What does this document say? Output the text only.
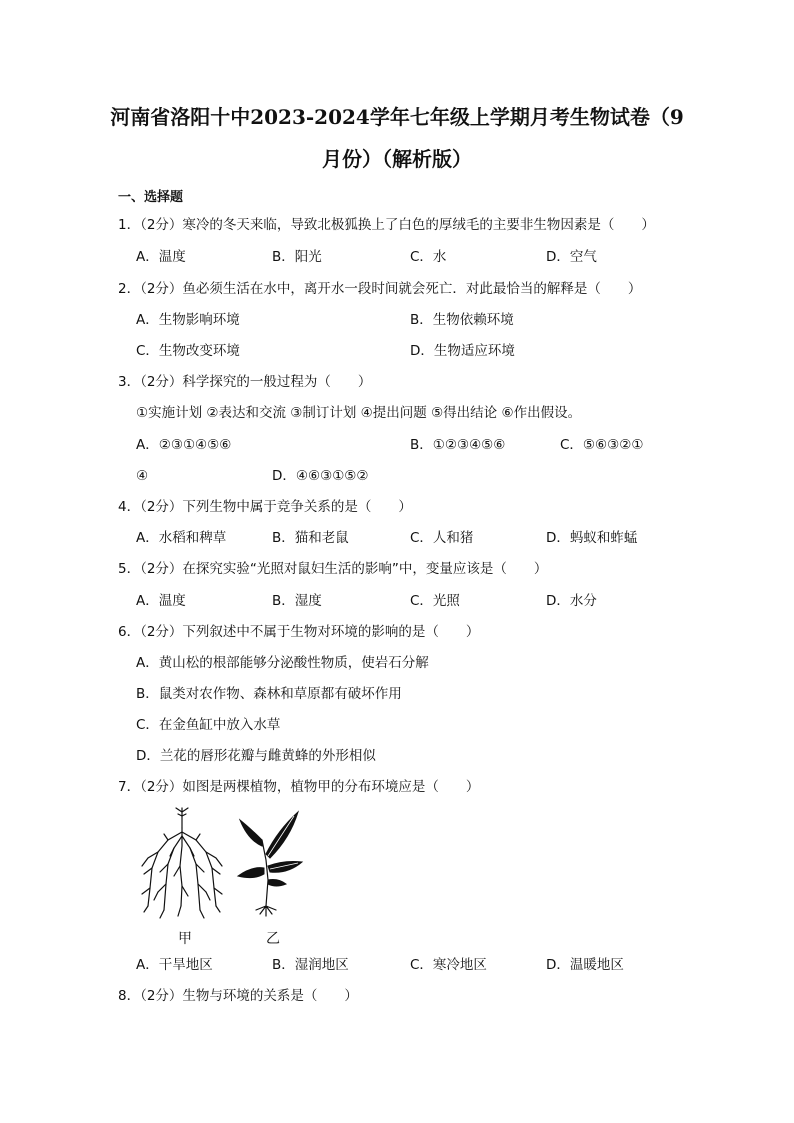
河南省洛阳十中2023-2024学年七年级上学期月考生物试卷（9
月份）（解析版）
一、选择题
1．（2分）寒冷的冬天来临，导致北极狐换上了白色的厚绒毛的主要非生物因素是（　　）
A．温度	B．阳光	C．水	D．空气
2．（2分）鱼必须生活在水中，离开水一段时间就会死亡．对此最恰当的解释是（　　）
A．生物影响环境	B．生物依赖环境
C．生物改变环境	D．生物适应环境
3．（2分）科学探究的一般过程为（　　）
①实施计划 ②表达和交流 ③制订计划 ④提出问题 ⑤得出结论 ⑥作出假设。
A．②③①④⑤⑥	B．①②③④⑤⑥	C．⑤⑥③②①
④	D．④⑥③①⑤②
4．（2分）下列生物中属于竞争关系的是（　　）
A．水稻和稗草	B．猫和老鼠	C．人和猪	D．蚂蚁和蚱蜢
5．（2分）在探究实验“光照对鼠妇生活的影响”中，变量应该是（　　）
A．温度	B．湿度	C．光照	D．水分
6．（2分）下列叙述中不属于生物对环境的影响的是（　　）
A．黄山松的根部能够分泌酸性物质，使岩石分解
B．鼠类对农作物、森林和草原都有破坏作用
C．在金鱼缸中放入水草
D．兰花的唇形花瓣与雌黄蜂的外形相似
7．（2分）如图是两棵植物，植物甲的分布环境应是（　　）
甲	乙
A．干旱地区	B．湿润地区	C．寒冷地区	D．温暖地区
8．（2分）生物与环境的关系是（　　）
